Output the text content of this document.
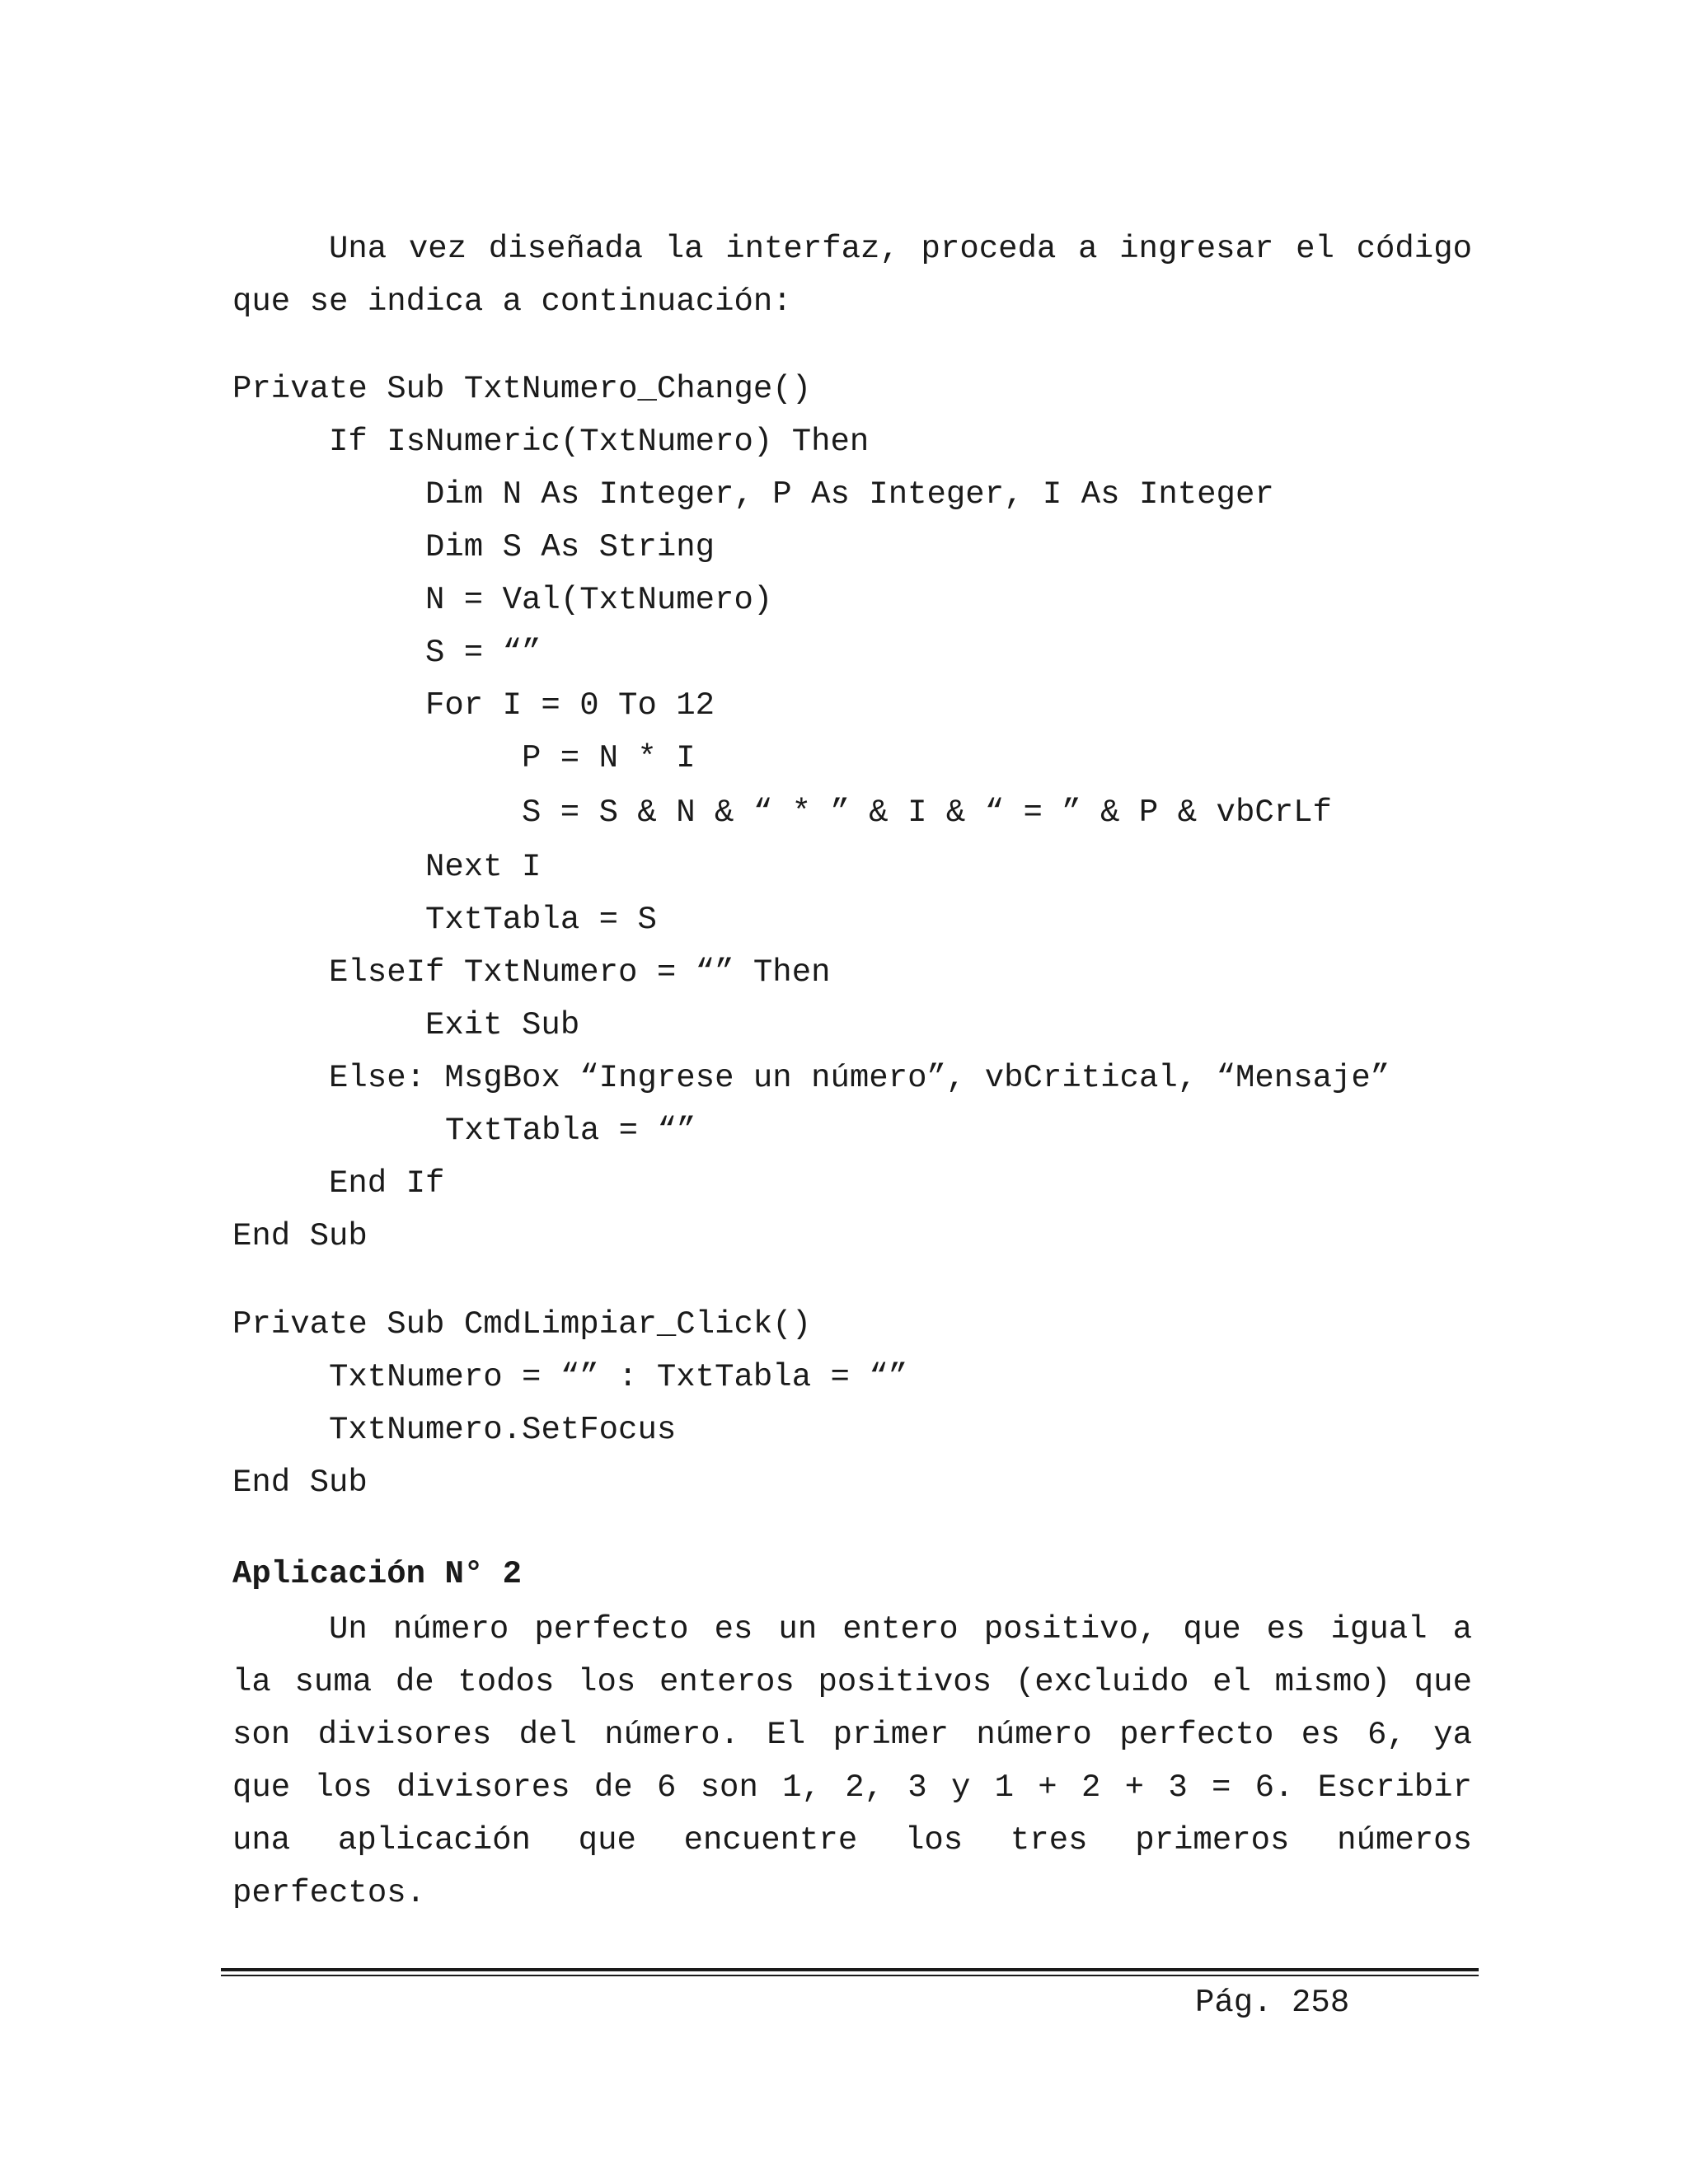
Una vez diseñada la interfaz, proceda a ingresar el código
que se indica a continuación:
Private Sub TxtNumero_Change()
If IsNumeric(TxtNumero) Then
Dim N As Integer, P As Integer, I As Integer
Dim S As String
N = Val(TxtNumero)
S = “”
For I = 0 To 12
P = N * I
S = S & N & “ * ” & I & “ = ” & P & vbCrLf
Next I
TxtTabla = S
ElseIf TxtNumero = “” Then
Exit Sub
Else: MsgBox “Ingrese un número”, vbCritical, “Mensaje”
TxtTabla = “”
End If
End Sub
Private Sub CmdLimpiar_Click()
TxtNumero = “” : TxtTabla = “”
TxtNumero.SetFocus
End Sub
Aplicación N° 2
Un número perfecto es un entero positivo, que es igual a
la suma de todos los enteros positivos (excluido el mismo) que
son divisores del número. El primer número perfecto es 6, ya
que los divisores de 6 son 1, 2, 3 y 1 + 2 + 3 = 6. Escribir
una aplicación que encuentre los tres primeros números
perfectos.
Pág. 258
